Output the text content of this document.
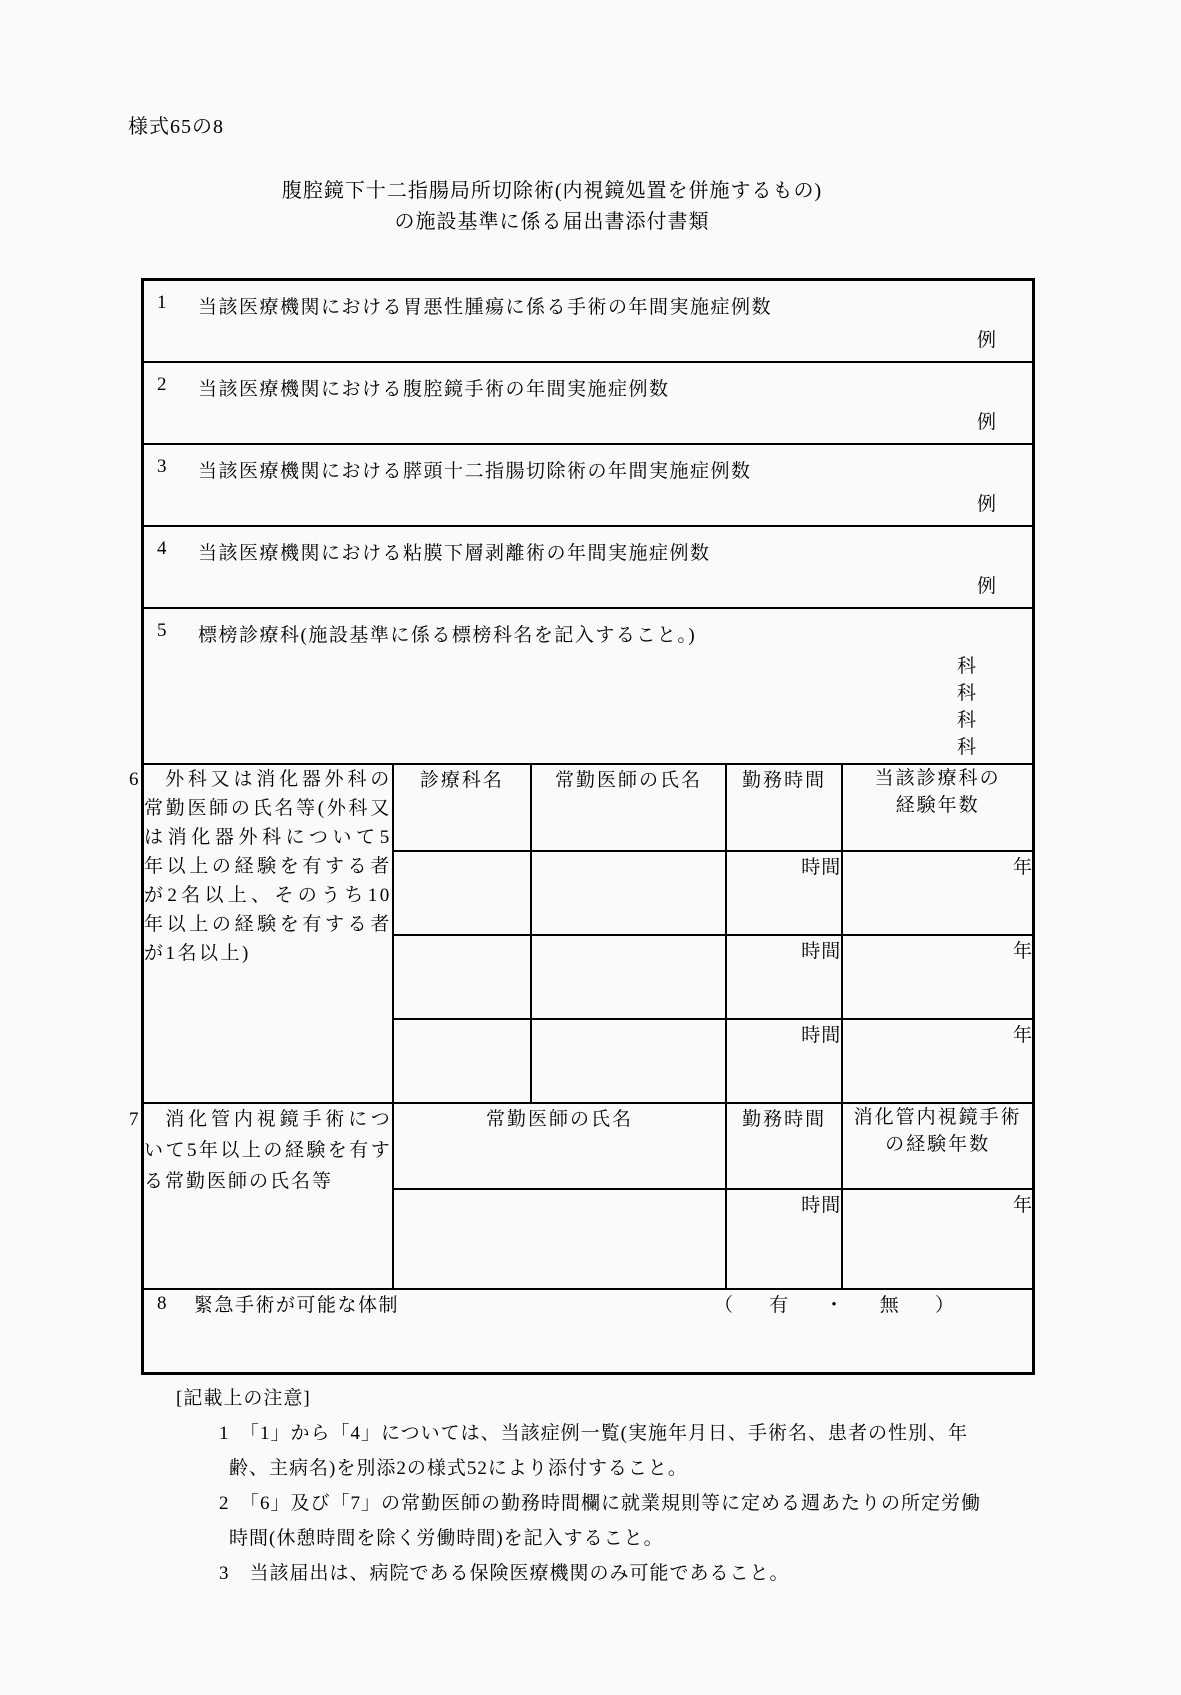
様式65の8
腹腔鏡下十二指腸局所切除術(内視鏡処置を併施するもの)
の施設基準に係る届出書添付書類
1 当該医療機関における胃悪性腫瘍に係る手術の年間実施症例数
例				

2 当該医療機関における腹腔鏡手術の年間実施症例数
例				

3 当該医療機関における膵頭十二指腸切除術の年間実施症例数
例				

4 当該医療機関における粘膜下層剥離術の年間実施症例数
例				

5 標榜診療科(施設基準に係る標榜科名を記入すること。)
科
科
科
科

6　外科又は消化器外科の常勤医師の氏名等(外科又は消化器外科について5年以上の経験を有する者が2名以上、そのうち10年以上の経験を有する者が1名以上)	診療科名	常勤医師の氏名	勤務時間	当該診療科の
経験年数

			時間	年
			時間	年
			時間	年
7　消化管内視鏡手術について5年以上の経験を有する常勤医師の氏名等	常勤医師の氏名		勤務時間	消化管内視鏡手術
の経験年数

			時間	年

8 緊急手術が可能な体制	（ 有 ・ 無 ）
[記載上の注意]
1　「1」から「4」については、当該症例一覧(実施年月日、手術名、患者の性別、年齢、主病名)を別添2の様式52により添付すること。
2　「6」及び「7」の常勤医師の勤務時間欄に就業規則等に定める週あたりの所定労働時間(休憩時間を除く労働時間)を記入すること。
3　当該届出は、病院である保険医療機関のみ可能であること。
